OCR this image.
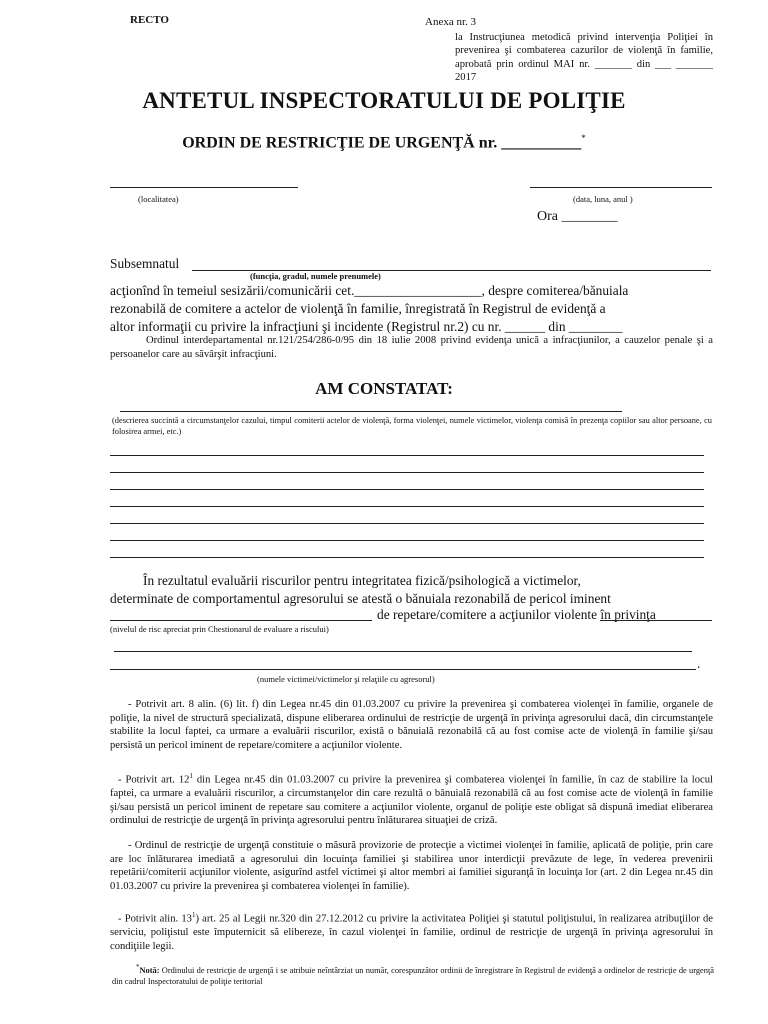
RECTO	Anexa nr. 3
la Instrucţiunea metodică privind intervenţia Poliţiei în prevenirea şi combaterea cazurilor de violenţă în familie, aprobată prin ordinul MAI nr. _______ din ___ _______ 2017
ANTETUL INSPECTORATULUI DE POLIŢIE
ORDIN DE RESTRICŢIE DE URGENŢĂ nr. __________*
(localitatea)	(data, luna, anul )
Ora ________
Subsemnatul
(funcţia, gradul, numele prenumele)
acţionînd în temeiul sesizării/comunicării cet.___________________, despre comiterea/bănuiala
rezonabilă de comitere a actelor de violenţă în familie, înregistrată în Registrul de evidenţă a
altor informaţii cu privire la infracţiuni şi incidente (Registrul nr.2) cu nr. ______ din ________
Ordinul interdepartamental nr.121/254/286-0/95 din 18 iulie 2008 privind evidenţa unică a infracţiunilor, a cauzelor penale şi a persoanelor care au săvârşit infracţiuni.
AM CONSTATAT:
(descrierea succintă a circumstanţelor cazului, timpul comiterii actelor de violenţă, forma violenţei, numele victimelor, violenţa comisă în prezenţa copiilor sau altor persoane, cu folosirea armei, etc.)
În rezultatul evaluării riscurilor pentru integritatea fizică/psihologică a victimelor,
determinate de comportamentul agresorului se atestă o bănuiala rezonabilă de pericol iminent
de repetare/comitere a acţiunilor violente în privinţa
(nivelul de risc apreciat prin Chestionarul de evaluare a riscului)
.
(numele victimei/victimelor şi relaţiile cu agresorul)
- Potrivit art. 8 alin. (6) lit. f) din Legea nr.45 din 01.03.2007 cu privire la prevenirea şi combaterea violenţei în familie, organele de poliţie, la nivel de structură specializată, dispune eliberarea ordinului de restricţie de urgenţă în privinţa agresorului dacă, din circumstanţele stabilite la locul faptei, ca urmare a evaluării riscurilor, există o bănuială rezonabilă că au fost comise acte de violenţă în familie şi/sau persistă un pericol iminent de repetare/comitere a acţiunilor violente.
- Potrivit art. $12^1$ din Legea nr.45 din 01.03.2007 cu privire la prevenirea şi combaterea violenţei în familie, în caz de stabilire la locul faptei, ca urmare a evaluării riscurilor, a circumstanţelor din care rezultă o bănuială rezonabilă că au fost comise acte de violenţă în familie şi/sau persistă un pericol iminent de repetare sau comitere a acţiunilor violente, organul de poliţie este obligat să dispună imediat eliberarea ordinului de restricţie de urgenţă în privinţa agresorului pentru înlăturarea situaţiei de criză.
- Ordinul de restricţie de urgenţă constituie o măsură provizorie de protecţie a victimei violenţei în familie, aplicată de poliţie, prin care are loc înlăturarea imediată a agresorului din locuinţa familiei şi stabilirea unor interdicţii prevăzute de lege, în vederea prevenirii repetării/comiterii acţiunilor violente, asigurînd astfel victimei şi altor membri ai familiei siguranţă în locuinţa lor (art. 2 din Legea nr.45 din 01.03.2007 cu privire la prevenirea şi combaterea violenţei în familie).
- Potrivit alin. $13^1$) art. 25 al Legii nr.320 din 27.12.2012 cu privire la activitatea Poliţiei şi statutul poliţistului, în realizarea atribuţiilor de serviciu, poliţistul este împuternicit să elibereze, în cazul violenţei în familie, ordinul de restricţie de urgenţă în privinţa agresorului în condiţiile legii.
*Notă: Ordinului de restricţie de urgenţă i se atribuie neîntârziat un număr, corespunzător ordinii de înregistrare în Registrul de evidenţă a ordinelor de restricţie de urgenţă din cadrul Inspectoratului de poliţie teritorial
